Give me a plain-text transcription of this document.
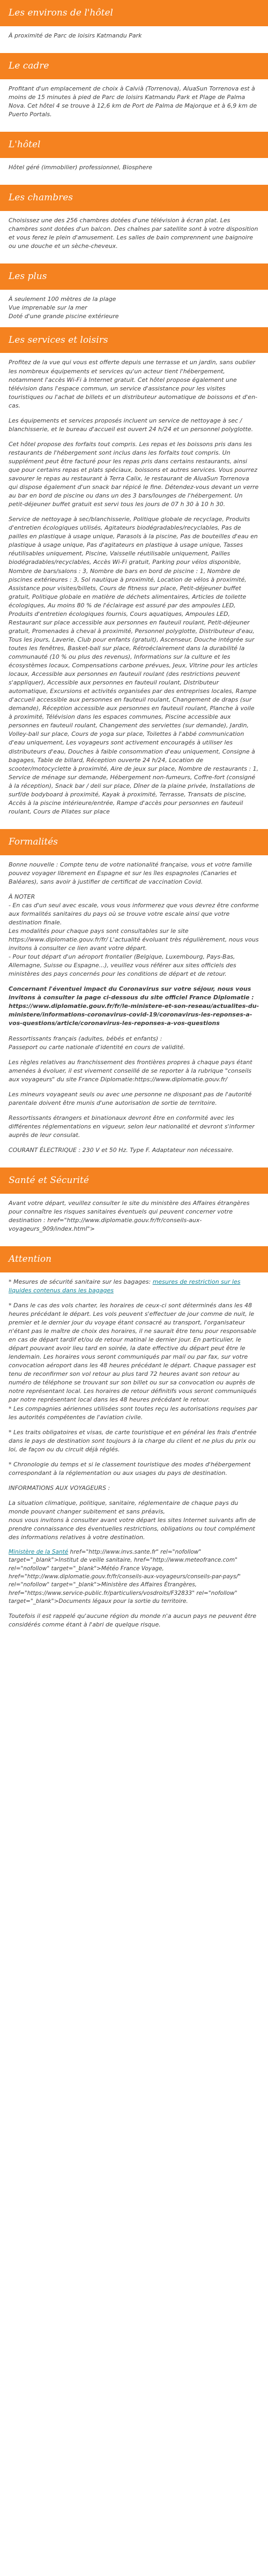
Les environs de l'hôtel

À proximité de Parc de loisirs Katmandu Park

Le cadre

Profitant d'un emplacement de choix à Calvià (Torrenova), AluaSun Torrenova est à moins de 15 minutes à pied de Parc de loisirs Katmandu Park et Plage de Palma Nova. Cet hôtel 4 se trouve à 12,6 km de Port de Palma de Majorque et à 6,9 km de Puerto Portals.

L'hôtel

Hôtel géré (immobilier) professionnel, Biosphere

Les chambres

Choisissez une des 256 chambres dotées d'une télévision à écran plat. Les chambres sont dotées d'un balcon. Des chaînes par satellite sont à votre disposition et vous ferez le plein d'amusement. Les salles de bain comprennent une baignoire ou une douche et un sèche-cheveux.

Les plus
À seulement 100 mètres de la plage
Vue imprenable sur la mer
Doté d'une grande piscine extérieure
Les services et loisirs

Profitez de la vue qui vous est offerte depuis une terrasse et un jardin, sans oublier les nombreux équipements et services qu'un acteur tient l'hébergement, notamment l'accès Wi-Fi à Internet gratuit. Cet hôtel propose également une télévision dans l'espace commun, un service d'assistance pour les visites touristiques ou l'achat de billets et un distributeur automatique de boissons et d'en-cas.

Les équipements et services proposés incluent un service de nettoyage à sec / blanchisserie, et le bureau d'accueil est ouvert 24 h/24 et un personnel polyglotte.

Cet hôtel propose des forfaits tout compris. Les repas et les boissons pris dans les restaurants de l'hébergement sont inclus dans les forfaits tout compris. Un supplément peut être facturé pour les repas pris dans certains restaurants, ainsi que pour certains repas et plats spéciaux, boissons et autres services. Vous pourrez savourer le repas au restaurant à Terra Calix, le restaurant de AluaSun Torrenova qui dispose également d'un snack bar répicé le fine. Détendez-vous devant un verre au bar en bord de piscine ou dans un des 3 bars/lounges de l'hébergement. Un petit-déjeuner buffet gratuit est servi tous les jours de 07 h 30 à 10 h 30.

Service de nettoyage à sec/blanchisserie, Politique globale de recyclage, Produits d'entretien écologiques utilisés, Agitateurs biodégradables/recyclables, Pas de pailles en plastique à usage unique, Parasols à la piscine, Pas de bouteilles d'eau en plastique à usage unique, Pas d'agitateurs en plastique à usage unique, Tasses réutilisables uniquement, Piscine, Vaisselle réutilisable uniquement, Pailles biodégradables/recyclables, Accès Wi-Fi gratuit, Parking pour vélos disponible, Nombre de bars/salons : 3, Nombre de bars en bord de piscine : 1, Nombre de piscines extérieures : 3, Sol nautique à proximité, Location de vélos à proximité, Assistance pour visites/billets, Cours de fitness sur place, Petit-déjeuner buffet gratuit, Politique globale en matière de déchets alimentaires, Articles de toilette écologiques, Au moins 80 % de l'éclairage est assuré par des ampoules LED, Produits d'entretien écologiques fournis, Cours aquatiques, Ampoules LED, Restaurant sur place accessible aux personnes en fauteuil roulant, Petit-déjeuner gratuit, Promenades à cheval à proximité, Personnel polyglotte, Distributeur d'eau, Tous les jours, Laverie, Club pour enfants (gratuit), Ascenseur, Douche intégrée sur toutes les fenêtres, Basket-ball sur place, Rétroéclairement dans la durabilité la communauté (10 % ou plus des revenus), Informations sur la culture et les écosystèmes locaux, Compensations carbone prévues, Jeux, Vitrine pour les articles locaux, Accessible aux personnes en fauteuil roulant (des restrictions peuvent s'appliquer), Accessible aux personnes en fauteuil roulant, Distributeur automatique, Excursions et activités organisées par des entreprises locales, Rampe d'accueil accessible aux personnes en fauteuil roulant, Changement de draps (sur demande), Réception accessible aux personnes en fauteuil roulant, Planche à voile à proximité, Télévision dans les espaces communes, Piscine accessible aux personnes en fauteuil roulant, Changement des serviettes (sur demande), Jardin, Volley-ball sur place, Cours de yoga sur place, Toilettes à l'abbé communication d'eau uniquement, Les voyageurs sont activement encouragés à utiliser les distributeurs d'eau, Douches à faible consommation d'eau uniquement, Consigne à bagages, Table de billard, Réception ouverte 24 h/24, Location de scooter/motocyclette à proximité, Aire de jeux sur place, Nombre de restaurants : 1, Service de ménage sur demande, Hébergement non-fumeurs, Coffre-fort (consigné à la réception), Snack bar / deli sur place, Dîner de la plaine privée, Installations de surf/de bodyboard à proximité, Kayak à proximité, Terrasse, Transats de piscine, Accès à la piscine intérieure/entrée, Rampe d'accès pour personnes en fauteuil roulant, Cours de Pilates sur place

Formalités

Bonne nouvelle : Compte tenu de votre nationalité française, vous et votre famille pouvez voyager librement en Espagne et sur les îles espagnoles (Canaries et Baléares), sans avoir à justifier de certificat de vaccination Covid.

À NOTER
- En cas d'un seul avec escale, vous vous informerez que vous devrez être conforme aux formalités sanitaires du pays où se trouve votre escale ainsi que votre destination finale.
Les modalités pour chaque pays sont consultables sur le site https://www.diplomatie.gouv.fr/fr/ L'actualité évoluant très régulièrement, nous vous invitons à consulter ce lien avant votre départ.
- Pour tout départ d'un aéroport frontalier (Belgique, Luxembourg, Pays-Bas, Allemagne, Suisse ou Espagne...), veuillez vous référer aux sites officiels des ministères des pays concernés pour les conditions de départ et de retour.

Concernant l'éventuel impact du Coronavirus sur votre séjour, nous vous invitons à consulter la page ci-dessous du site officiel France Diplomatie : https://www.diplomatie.gouv.fr/fr/le-ministere-et-son-reseau/actualites-du-ministere/informations-coronavirus-covid-19/coronavirus-les-reponses-a-vos-questions/article/coronavirus-les-reponses-a-vos-questions

Ressortissants français (adultes, bébés et enfants) :
Passeport ou carte nationale d'identité en cours de validité.

Les règles relatives au franchissement des frontières propres à chaque pays étant amenées à évoluer, il est vivement conseillé de se reporter à la rubrique "conseils aux voyageurs" du site France Diplomatie:https://www.diplomatie.gouv.fr/

Les mineurs voyageant seuls ou avec une personne ne disposant pas de l'autorité parentale doivent être munis d'une autorisation de sortie de territoire.

Ressortissants étrangers et binationaux devront être en conformité avec les différentes réglementations en vigueur, selon leur nationalité et devront s'informer auprès de leur consulat.

COURANT ÉLECTRIQUE : 230 V et 50 Hz. Type F. Adaptateur non nécessaire.

Santé et Sécurité

Avant votre départ, veuillez consulter le site du ministère des Affaires étrangères pour connaître les risques sanitaires éventuels qui peuvent concerner votre
destination : href="http://www.diplomatie.gouv.fr/fr/conseils-aux-voyageurs_909/index.html">

Attention

* Mesures de sécurité sanitaire sur les bagages: mesures de restriction sur les liquides contenus dans les bagages

* Dans le cas des vols charter, les horaires de ceux-ci sont déterminés dans les 48 heures précédant le départ. Les vols peuvent s'effectuer de jour comme de nuit, le premier et le dernier jour du voyage étant consacré au transport, l'organisateur n'étant pas le maître de choix des horaires, il ne saurait être tenu pour responsable en cas de départ tardif et/ou de retour matinal le dernier jour. En particulier, le départ pouvant avoir lieu tard en soirée, la date effective du départ peut être le lendemain. Les horaires vous seront communiqués par mail ou par fax, sur votre convocation aéroport dans les 48 heures précédant le départ. Chaque passager est tenu de reconfirmer son vol retour au plus tard 72 heures avant son retour au numéro de téléphone se trouvant sur son billet ou sur sa convocation ou auprès de notre représentant local. Les horaires de retour définitifs vous seront communiqués par notre représentant local dans les 48 heures précédant le retour.
* Les compagnies aériennes utilisées sont toutes reçu les autorisations requises par les autorités compétentes de l'aviation civile.

* Les traits obligatoires et visas, de carte touristique et en général les frais d'entrée dans le pays de destination sont toujours à la charge du client et ne plus du prix ou loi, de façon ou du circuit déjà réglés.

* Chronologie du temps et si le classement touristique des modes d'hébergement correspondant à la réglementation ou aux usages du pays de destination.

INFORMATIONS AUX VOYAGEURS :

La situation climatique, politique, sanitaire, réglementaire de chaque pays du monde pouvant changer subitement et sans préavis,
nous vous invitons à consulter avant votre départ les sites Internet suivants afin de prendre connaissance des éventuelles restrictions, obligations ou tout complément des informations relatives à votre destination.

Ministère de la Santé href="http://www.invs.sante.fr" rel="nofollow" target="_blank">Institut de veille sanitaire, href="http://www.meteofrance.com" rel="nofollow" target="_blank">Météo France Voyage, href="http://www.diplomatie.gouv.fr/fr/conseils-aux-voyageurs/conseils-par-pays/" rel="nofollow" target="_blank">Ministère des Affaires Étrangères, href="https://www.service-public.fr/particuliers/vosdroits/F32833" rel="nofollow" target="_blank">Documents légaux pour la sortie du territoire.

Toutefois il est rappelé qu'aucune région du monde n'a aucun pays ne peuvent être considérés comme étant à l'abri de quelque risque.
